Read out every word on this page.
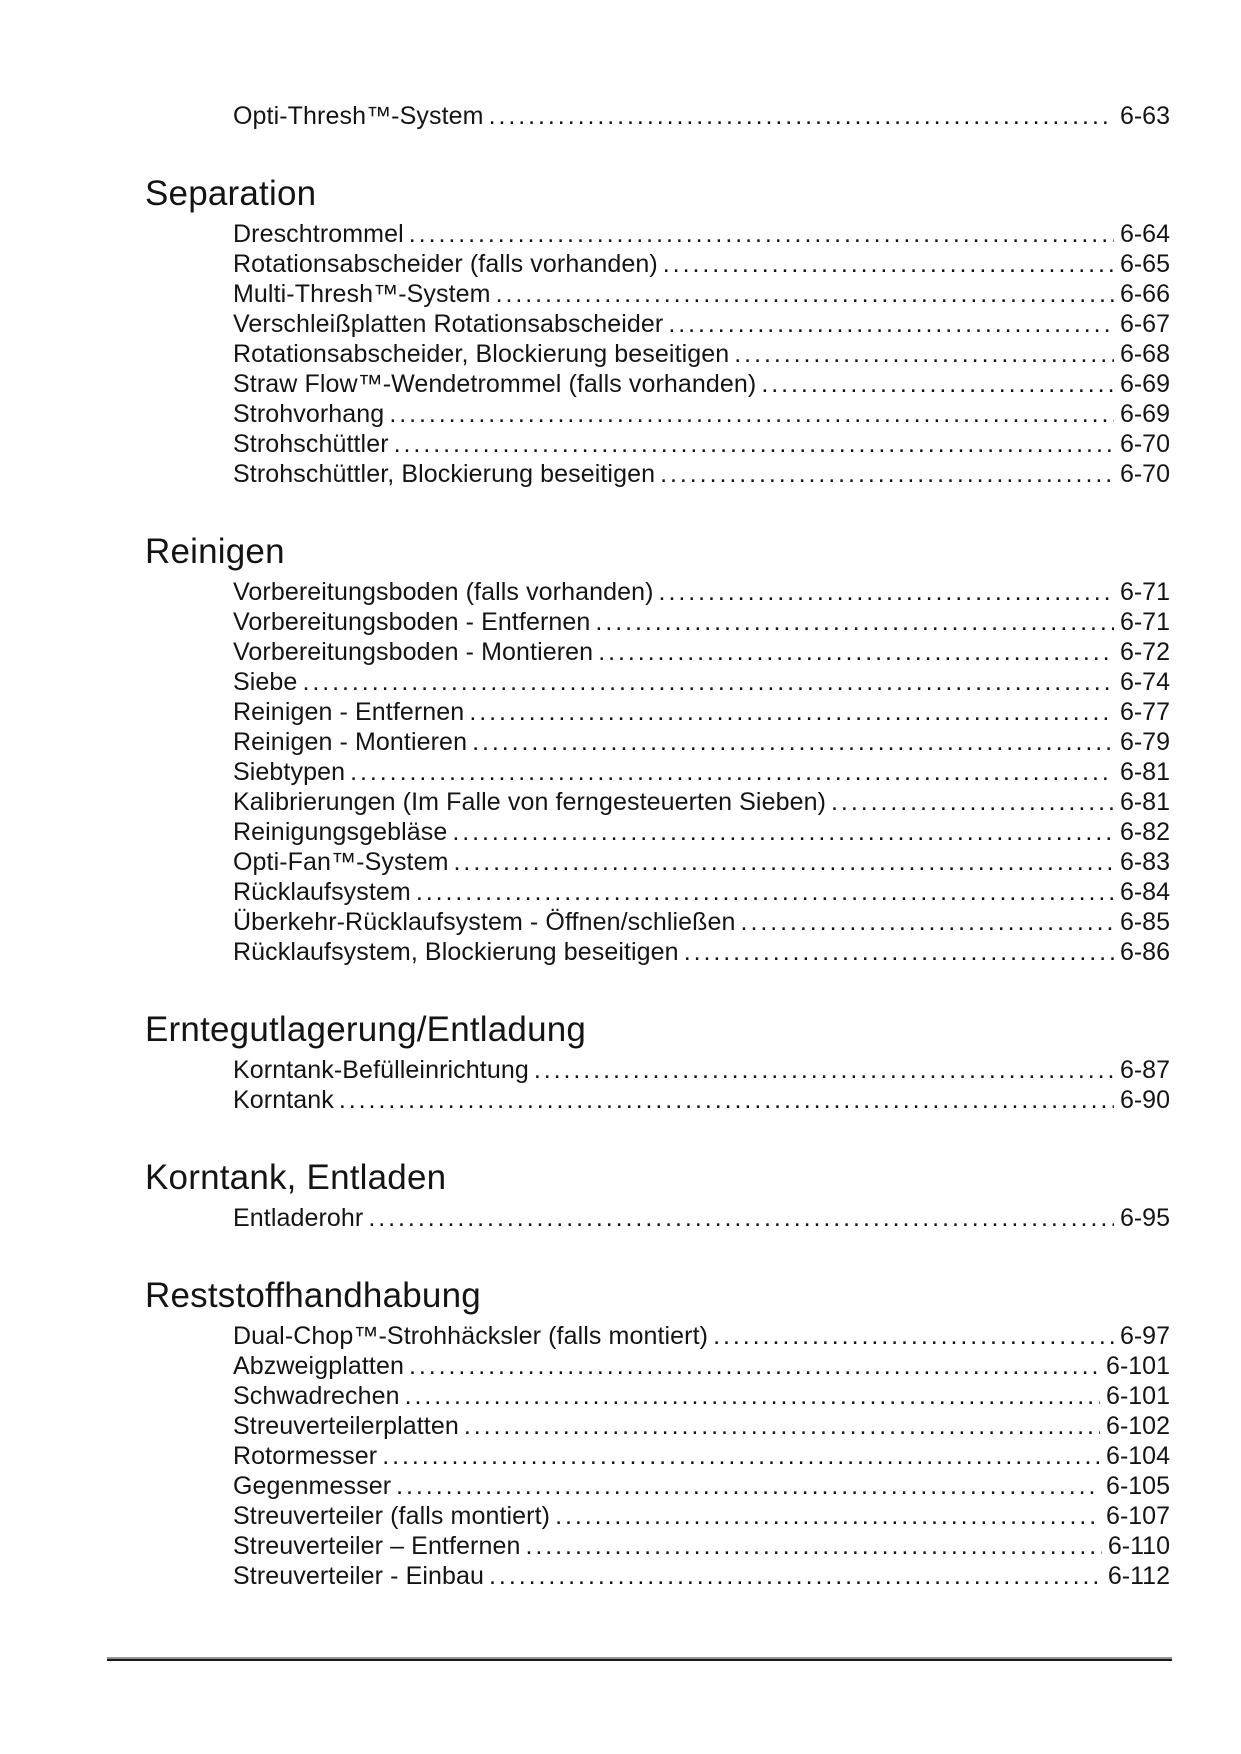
Opti-Thresh™-System . . .	6-63
Separation
Dreschtrommel . . .	6-64
Rotationsabscheider (falls vorhanden) . . .	6-65
Multi-Thresh™-System . . .	6-66
Verschleißplatten Rotationsabscheider . . .	6-67
Rotationsabscheider, Blockierung beseitigen . . .	6-68
Straw Flow™-Wendetrommel (falls vorhanden) . . .	6-69
Strohvorhang . . .	6-69
Strohschüttler . . .	6-70
Strohschüttler, Blockierung beseitigen . . .	6-70
Reinigen
Vorbereitungsboden (falls vorhanden) . . .	6-71
Vorbereitungsboden - Entfernen . . .	6-71
Vorbereitungsboden - Montieren . . .	6-72
Siebe . . .	6-74
Reinigen - Entfernen . . .	6-77
Reinigen - Montieren . . .	6-79
Siebtypen . . .	6-81
Kalibrierungen (Im Falle von ferngesteuerten Sieben) . . .	6-81
Reinigungsgebläse . . .	6-82
Opti-Fan™-System . . .	6-83
Rücklaufsystem . . .	6-84
Überkehr-Rücklaufsystem - Öffnen/schließen . . .	6-85
Rücklaufsystem, Blockierung beseitigen . . .	6-86
Erntegutlagerung/Entladung
Korntank-Befülleinrichtung . . .	6-87
Korntank . . .	6-90
Korntank, Entladen
Entladerohr . . .	6-95
Reststoffhandhabung
Dual-Chop™-Strohhäcksler (falls montiert) . . .	6-97
Abzweigplatten . . .	6-101
Schwadrechen . . .	6-101
Streuverteilerplatten . . .	6-102
Rotormesser . . .	6-104
Gegenmesser . . .	6-105
Streuverteiler (falls montiert) . . .	6-107
Streuverteiler – Entfernen . . .	6-110
Streuverteiler - Einbau . . .	6-112
